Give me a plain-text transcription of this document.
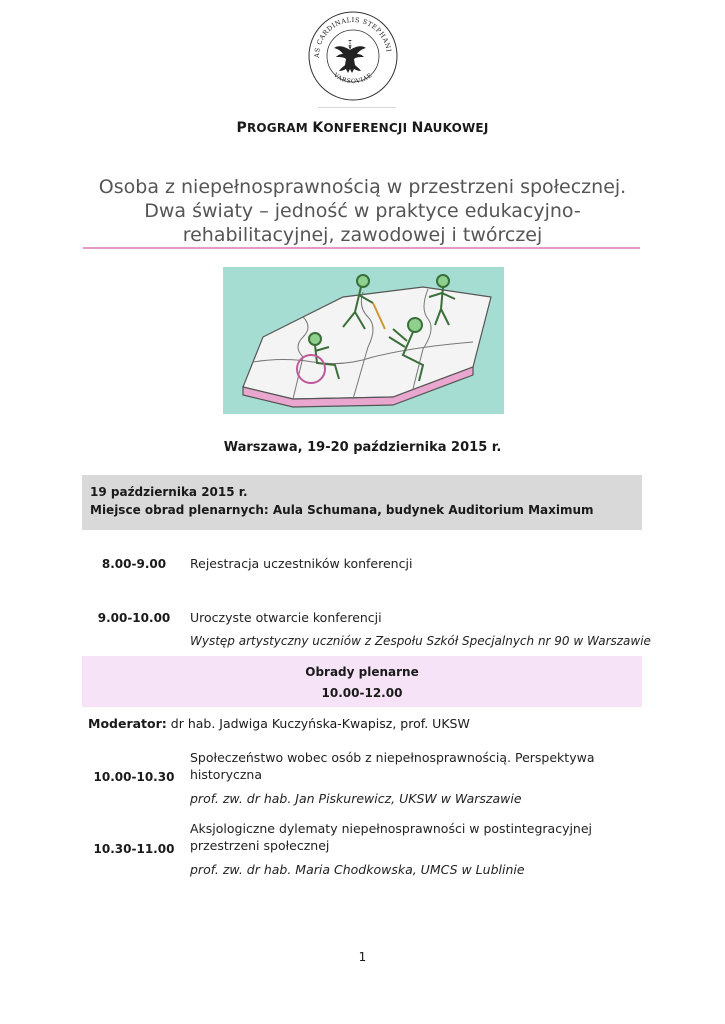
AS CARDINALIS STEPHANI
VARSOVIAE
PROGRAM KONFERENCJI NAUKOWEJ
Osoba z niepełnosprawnością w przestrzeni społecznej.
Dwa światy – jedność w praktyce edukacyjno-
rehabilitacyjnej, zawodowej i twórczej
Warszawa, 19-20 października 2015 r.
19 października 2015 r.
Miejsce obrad plenarnych: Aula Schumana, budynek Auditorium Maximum
8.00-9.00	Rejestracja uczestników konferencji
9.00-10.00	Uroczyste otwarcie konferencji
Występ artystyczny uczniów z Zespołu Szkół Specjalnych nr 90 w Warszawie
Obrady plenarne
10.00-12.00
Moderator: dr hab. Jadwiga Kuczyńska-Kwapisz, prof. UKSW
10.00-10.30
Społeczeństwo wobec osób z niepełnosprawnością. Perspektywa
historyczna
prof. zw. dr hab. Jan Piskurewicz, UKSW w Warszawie
10.30-11.00
Aksjologiczne dylematy niepełnosprawności w postintegracyjnej
przestrzeni społecznej
prof. zw. dr hab. Maria Chodkowska, UMCS w Lublinie
1
